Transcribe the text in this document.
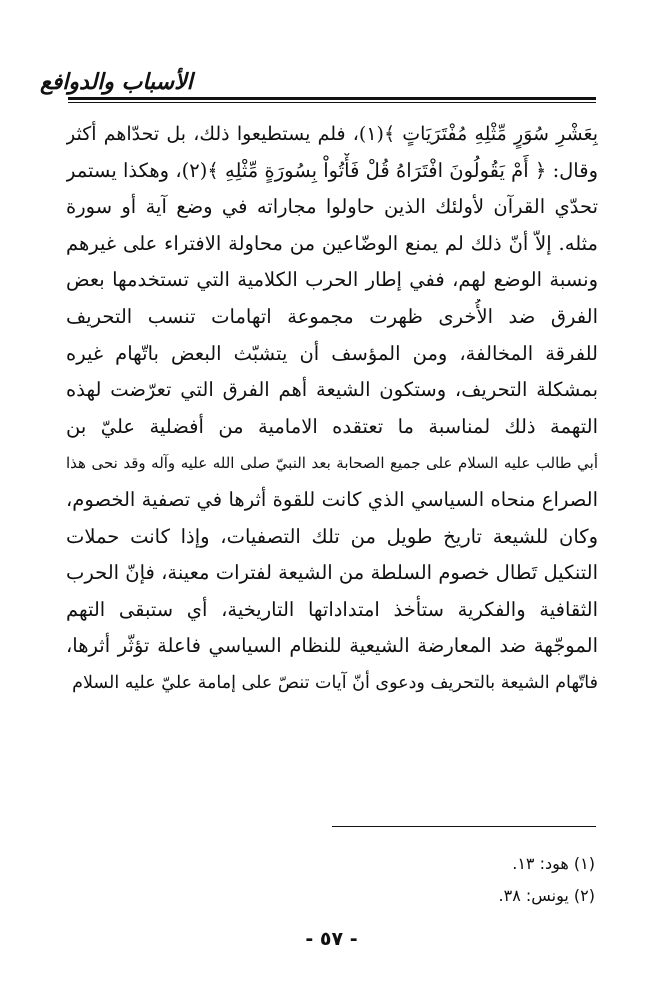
الأسباب والدوافع
بِعَشْرِ سُوَرٍ مِّثْلِهِ مُفْتَرَيَاتٍ ﴾(١)، فلم يستطيعوا ذلك، بل تحدّاهم أكثر
وقال: ﴿ أَمْ يَقُولُونَ افْتَرَاهُ قُلْ فَأْتُواْ بِسُورَةٍ مِّثْلِهِ ﴾(٢)، وهكذا يستمر
تحدّي القرآن لأولئك الذين حاولوا مجاراته في وضع آية أو سورة
مثله. إلاّ أنّ ذلك لم يمنع الوضّاعين من محاولة الافتراء على غيرهم
ونسبة الوضع لهم، ففي إطار الحرب الكلامية التي تستخدمها بعض
الفرق ضد الأُخرى ظهرت مجموعة اتهامات تنسب التحريف
للفرقة المخالفة، ومن المؤسف أن يتشبّث البعض باتّهام غيره
بمشكلة التحريف، وستكون الشيعة أهم الفرق التي تعرّضت لهذه
التهمة ذلك لمناسبة ما تعتقده الامامية من أفضلية عليّ بن
أبي طالب عليه السلام على جميع الصحابة بعد النبيّ صلى الله عليه وآله وقد نحى هذا
الصراع منحاه السياسي الذي كانت للقوة أثرها في تصفية الخصوم،
وكان للشيعة تاريخ طويل من تلك التصفيات، وإذا كانت حملات
التنكيل تَطال خصوم السلطة من الشيعة لفترات معينة، فإنّ الحرب
الثقافية والفكرية ستأخذ امتداداتها التاريخية، أي ستبقى التهم
الموجّهة ضد المعارضة الشيعية للنظام السياسي فاعلة تؤثّر أثرها،
فاتّهام الشيعة بالتحريف ودعوى أنّ آيات تنصّ على إمامة عليّ عليه السلام
(١) هود: ١٣.
(٢) يونس: ٣٨.
- ٥٧ -
